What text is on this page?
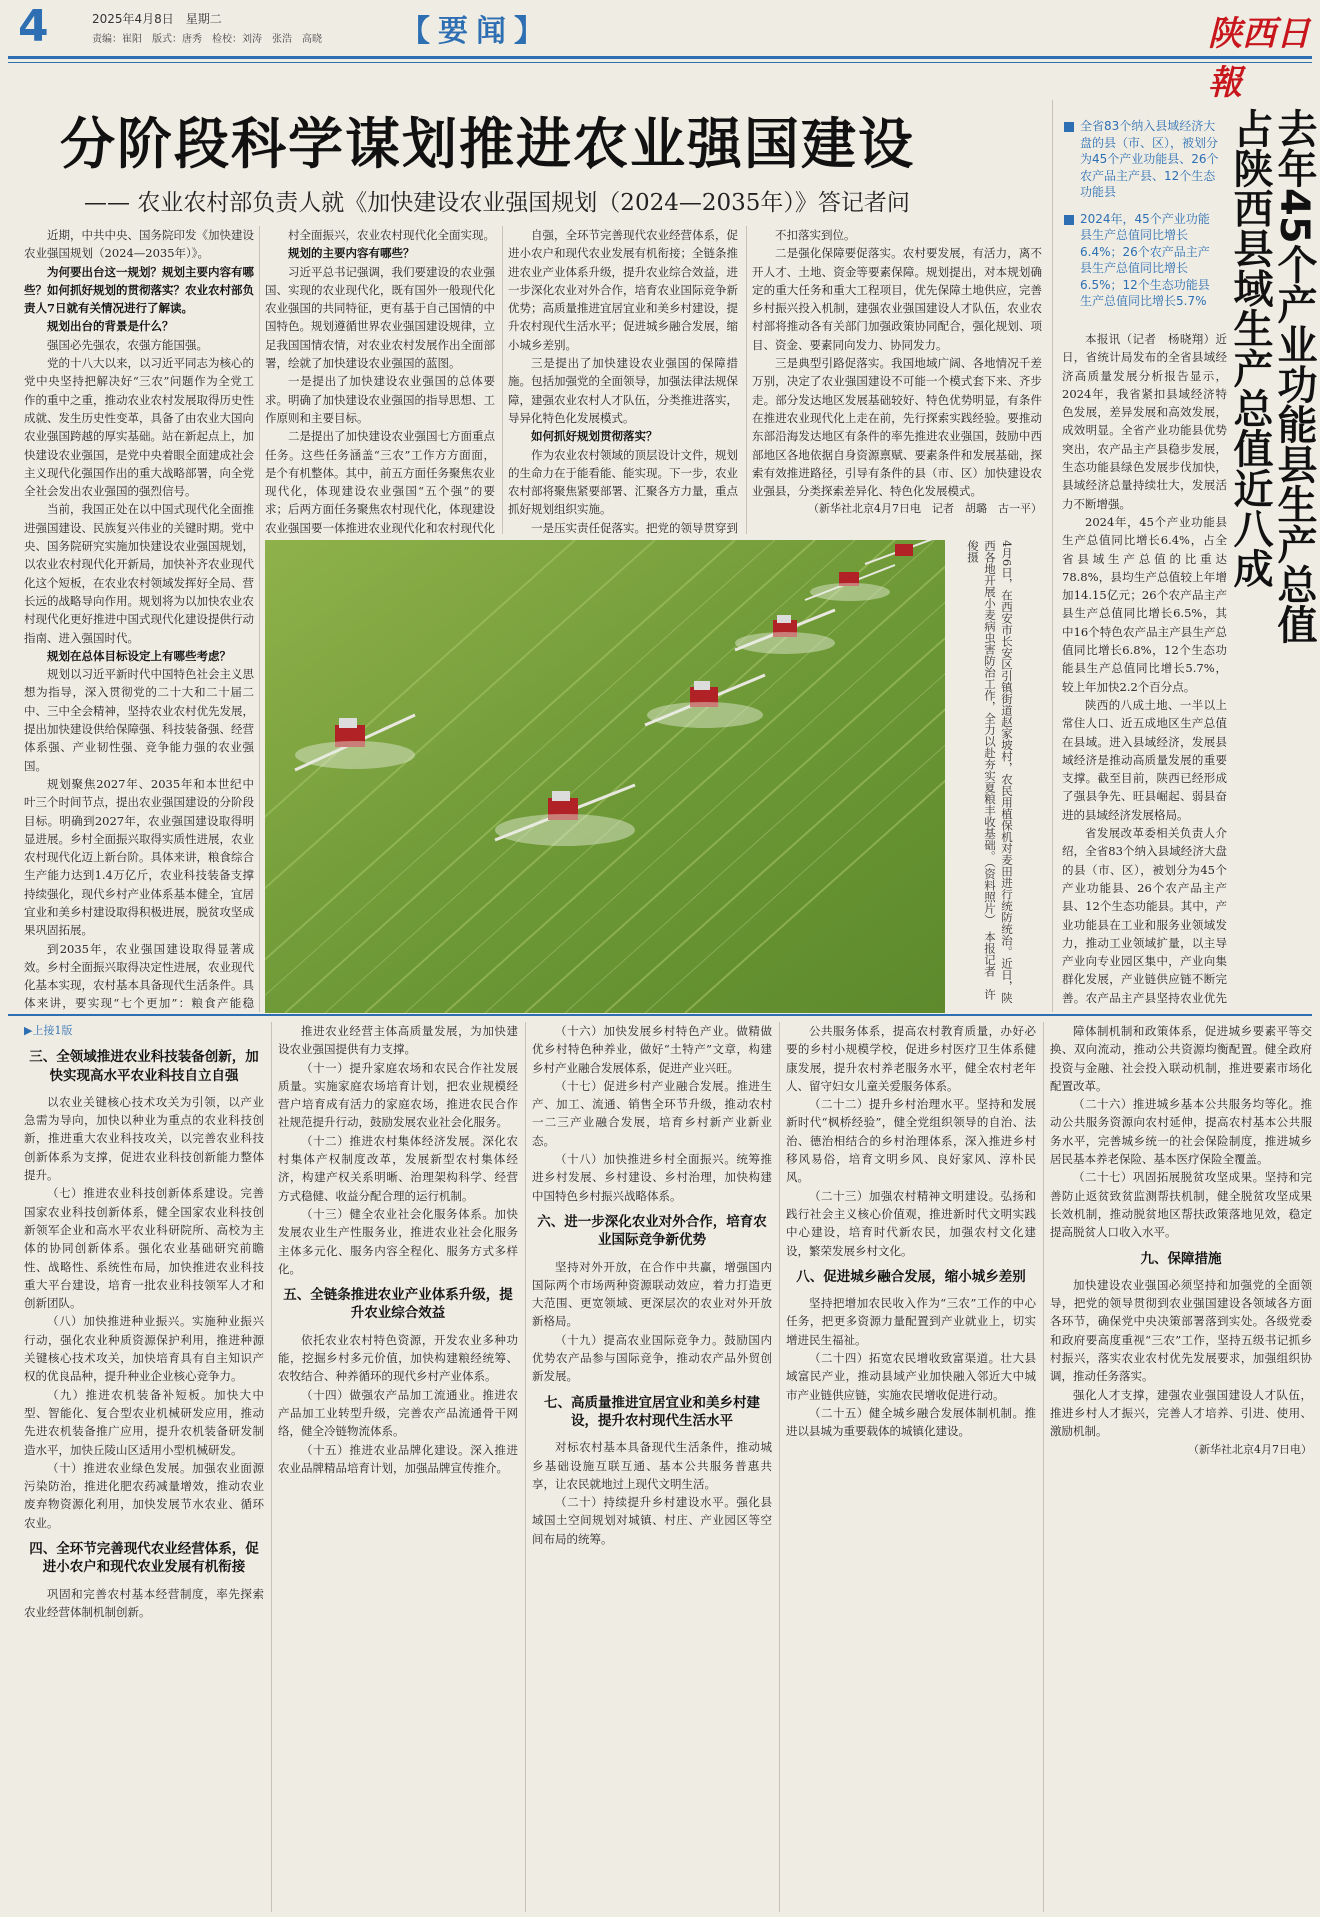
4	2025年4月8日　星期二
责编：崔阳　版式：唐秀　检校：刘涛　张浩　高晓	【要闻】	陕西日報
分阶段科学谋划推进农业强国建设
—— 农业农村部负责人就《加快建设农业强国规划（2024—2035年）》答记者问

近期，中共中央、国务院印发《加快建设农业强国规划（2024—2035年）》。

为何要出台这一规划？规划主要内容有哪些？如何抓好规划的贯彻落实？农业农村部负责人7日就有关情况进行了解读。

规划出台的背景是什么？

强国必先强农，农强方能国强。

党的十八大以来，以习近平同志为核心的党中央坚持把解决好“三农”问题作为全党工作的重中之重，推动农业农村发展取得历史性成就、发生历史性变革，具备了由农业大国向农业强国跨越的厚实基础。站在新起点上，加快建设农业强国，是党中央着眼全面建成社会主义现代化强国作出的重大战略部署，向全党全社会发出农业强国的强烈信号。

当前，我国正处在以中国式现代化全面推进强国建设、民族复兴伟业的关键时期。党中央、国务院研究实施加快建设农业强国规划，以农业农村现代化开新局，加快补齐农业现代化这个短板，在农业农村领域发挥好全局、营长远的战略导向作用。规划将为以加快农业农村现代化更好推进中国式现代化建设提供行动指南、进入强国时代。

规划在总体目标设定上有哪些考虑？

规划以习近平新时代中国特色社会主义思想为指导，深入贯彻党的二十大和二十届二中、三中全会精神，坚持农业农村优先发展，提出加快建设供给保障强、科技装备强、经营体系强、产业韧性强、竞争能力强的农业强国。

规划聚焦2027年、2035年和本世纪中叶三个时间节点，提出农业强国建设的分阶段目标。明确到2027年，农业强国建设取得明显进展。乡村全面振兴取得实质性进展，农业农村现代化迈上新台阶。具体来讲，粮食综合生产能力达到1.4万亿斤，农业科技装备支撑持续强化，现代乡村产业体系基本健全，宜居宜业和美乡村建设取得积极进展，脱贫攻坚成果巩固拓展。

到2035年，农业强国建设取得显著成效。乡村全面振兴取得决定性进展，农业现代化基本实现，农村基本具备现代生活条件。具体来讲，要实现“七个更加”：粮食产能稳

村全面振兴，农业农村现代化全面实现。

规划的主要内容有哪些？

习近平总书记强调，我们要建设的农业强国、实现的农业现代化，既有国外一般现代化农业强国的共同特征，更有基于自己国情的中国特色。规划遵循世界农业强国建设规律，立足我国国情农情，对农业农村发展作出全面部署，绘就了加快建设农业强国的蓝图。

一是提出了加快建设农业强国的总体要求。明确了加快建设农业强国的指导思想、工作原则和主要目标。

二是提出了加快建设农业强国七方面重点任务。这些任务涵盖“三农”工作方方面面，是个有机整体。其中，前五方面任务聚焦农业现代化，体现建设农业强国“五个强”的要求；后两方面任务聚焦农村现代化，体现建设农业强国要一体推进农业现代化和农村现代化

自强，全环节完善现代农业经营体系，促进小农户和现代农业发展有机衔接；全链条推进农业产业体系升级，提升农业综合效益，进一步深化农业对外合作，培育农业国际竞争新优势；高质量推进宜居宜业和美乡村建设，提升农村现代生活水平；促进城乡融合发展，缩小城乡差别。

三是提出了加快建设农业强国的保障措施。包括加强党的全面领导，加强法律法规保障，建强农业农村人才队伍，分类推进落实，导异化特色化发展模式。

如何抓好规划贯彻落实？

作为农业农村领域的顶层设计文件，规划的生命力在于能看能、能实现。下一步，农业农村部将聚焦紧要部署、汇聚各方力量，重点抓好规划组织实施。

一是压实责任促落实。把党的领导贯穿到

不扣落实到位。

二是强化保障要促落实。农村要发展，有活力，离不开人才、土地、资金等要素保障。规划提出，对本规划确定的重大任务和重大工程项目，优先保障土地供应，完善乡村振兴投入机制，建强农业强国建设人才队伍，农业农村部将推动各有关部门加强政策协同配合，强化规划、项目、资金、要素同向发力、协同发力。

三是典型引路促落实。我国地域广阔、各地情况千差万别，决定了农业强国建设不可能一个模式套下来、齐步走。部分发达地区发展基础较好、特色优势明显，有条件在推进农业现代化上走在前，先行探索实践经验。要推动东部沿海发达地区有条件的率先推进农业强国，鼓励中西部地区各地依据自身资源禀赋、要素条件和发展基础，探索有效推进路径，引导有条件的县（市、区）加快建设农业强县，分类探索差异化、特色化发展模式。

（新华社北京4月7日电　记者　胡璐　古一平）

4月6日，在西安市长安区引镇街道赵家坡村，农民用植保机对麦田进行统防统治。近日，陕西各地开展小麦病虫害防治工作，全力以赴夯实夏粮丰收基础。（资料照片）　本报记者　许俊摄
全省83个纳入县域经济大盘的县（市、区），被划分为45个产业功能县、26个农产品主产县、12个生态功能县
2024年，45个产业功能县生产总值同比增长6.4%；26个农产品主产县生产总值同比增长6.5%；12个生态功能县生产总值同比增长5.7%	去年45个产业功能县生产总值占陕西县域生产总值近八成

本报讯（记者　杨晓翔）近日，省统计局发布的全省县域经济高质量发展分析报告显示，2024年，我省紧扣县域经济特色发展，差异发展和高效发展，成效明显。全省产业功能县优势突出，农产品主产县稳步发展，生态功能县绿色发展步伐加快，县域经济总量持续壮大，发展活力不断增强。

2024年，45个产业功能县生产总值同比增长6.4%，占全省县域生产总值的比重达78.8%，县均生产总值较上年增加14.15亿元；26个农产品主产县生产总值同比增长6.5%，其中16个特色农产品主产县生产总值同比增长6.8%，12个生态功能县生产总值同比增长5.7%，较上年加快2.2个百分点。

陕西的八成土地、一半以上常住人口、近五成地区生产总值在县域。进入县域经济，发展县域经济是推动高质量发展的重要支撑。截至目前，陕西已经形成了强县争先、旺县崛起、弱县奋进的县域经济发展格局。

省发展改革委相关负责人介绍，全省83个纳入县域经济大盘的县（市、区），被划分为45个产业功能县、26个农产品主产县、12个生态功能县。其中，产业功能县在工业和服务业领域发力，推动工业领域扩量，以主导产业向专业园区集中，产业向集群化发展，产业链供应链不断完善。农产品主产县坚持农业优先

▶上接1版

三、全领域推进农业科技装备创新，加快实现高水平农业科技自立自强

以农业关键核心技术攻关为引领，以产业急需为导向，加快以种业为重点的农业科技创新，推进重大农业科技攻关，以完善农业科技创新体系为支撑，促进农业科技创新能力整体提升。

（七）推进农业科技创新体系建设。完善国家农业科技创新体系，健全国家农业科技创新领军企业和高水平农业科研院所、高校为主体的协同创新体系。强化农业基础研究前瞻性、战略性、系统性布局，加快推进农业科技重大平台建设，培育一批农业科技领军人才和创新团队。

（八）加快推进种业振兴。实施种业振兴行动，强化农业种质资源保护利用，推进种源关键核心技术攻关，加快培育具有自主知识产权的优良品种，提升种业企业核心竞争力。

（九）推进农机装备补短板。加快大中型、智能化、复合型农业机械研发应用，推动先进农机装备推广应用，提升农机装备研发制造水平，加快丘陵山区适用小型机械研发。

（十）推进农业绿色发展。加强农业面源污染防治，推进化肥农药减量增效，推动农业废弃物资源化利用，加快发展节水农业、循环农业。

四、全环节完善现代农业经营体系，促进小农户和现代农业发展有机衔接

巩固和完善农村基本经营制度，率先探索农业经营体制机制创新。

推进农业经营主体高质量发展，为加快建设农业强国提供有力支撑。

（十一）提升家庭农场和农民合作社发展质量。实施家庭农场培育计划，把农业规模经营户培育成有活力的家庭农场，推进农民合作社规范提升行动，鼓励发展农业社会化服务。

（十二）推进农村集体经济发展。深化农村集体产权制度改革，发展新型农村集体经济，构建产权关系明晰、治理架构科学、经营方式稳健、收益分配合理的运行机制。

（十三）健全农业社会化服务体系。加快发展农业生产性服务业，推进农业社会化服务主体多元化、服务内容全程化、服务方式多样化。

五、全链条推进农业产业体系升级，提升农业综合效益

依托农业农村特色资源，开发农业多种功能，挖掘乡村多元价值，加快构建粮经统筹、农牧结合、种养循环的现代乡村产业体系。

（十四）做强农产品加工流通业。推进农产品加工业转型升级，完善农产品流通骨干网络，健全冷链物流体系。

（十五）推进农业品牌化建设。深入推进农业品牌精品培育计划，加强品牌宣传推介。

（十六）加快发展乡村特色产业。做精做优乡村特色种养业，做好“土特产”文章，构建乡村产业融合发展体系，促进产业兴旺。

（十七）促进乡村产业融合发展。推进生产、加工、流通、销售全环节升级，推动农村一二三产业融合发展，培育乡村新产业新业态。

（十八）加快推进乡村全面振兴。统筹推进乡村发展、乡村建设、乡村治理，加快构建中国特色乡村振兴战略体系。

六、进一步深化农业对外合作，培育农业国际竞争新优势

坚持对外开放，在合作中共赢，增强国内国际两个市场两种资源联动效应，着力打造更大范围、更宽领域、更深层次的农业对外开放新格局。

（十九）提高农业国际竞争力。鼓励国内优势农产品参与国际竞争，推动农产品外贸创新发展。

七、高质量推进宜居宜业和美乡村建设，提升农村现代生活水平

对标农村基本具备现代生活条件，推动城乡基础设施互联互通、基本公共服务普惠共享，让农民就地过上现代文明生活。

（二十）持续提升乡村建设水平。强化县域国土空间规划对城镇、村庄、产业园区等空间布局的统筹。

公共服务体系，提高农村教育质量，办好必要的乡村小规模学校，促进乡村医疗卫生体系健康发展，提升农村养老服务水平，健全农村老年人、留守妇女儿童关爱服务体系。

（二十二）提升乡村治理水平。坚持和发展新时代“枫桥经验”，健全党组织领导的自治、法治、德治相结合的乡村治理体系，深入推进乡村移风易俗，培育文明乡风、良好家风、淳朴民风。

（二十三）加强农村精神文明建设。弘扬和践行社会主义核心价值观，推进新时代文明实践中心建设，培育时代新农民，加强农村文化建设，繁荣发展乡村文化。

八、促进城乡融合发展，缩小城乡差别

坚持把增加农民收入作为“三农”工作的中心任务，把更多资源力量配置到产业就业上，切实增进民生福祉。

（二十四）拓宽农民增收致富渠道。壮大县域富民产业，推动县域产业加快融入邻近大中城市产业链供应链，实施农民增收促进行动。

（二十五）健全城乡融合发展体制机制。推进以县城为重要载体的城镇化建设。

障体制机制和政策体系，促进城乡要素平等交换、双向流动，推动公共资源均衡配置。健全政府投资与金融、社会投入联动机制，推进要素市场化配置改革。

（二十六）推进城乡基本公共服务均等化。推动公共服务资源向农村延伸，提高农村基本公共服务水平，完善城乡统一的社会保险制度，推进城乡居民基本养老保险、基本医疗保险全覆盖。

（二十七）巩固拓展脱贫攻坚成果。坚持和完善防止返贫致贫监测帮扶机制，健全脱贫攻坚成果长效机制，推动脱贫地区帮扶政策落地见效，稳定提高脱贫人口收入水平。

九、保障措施

加快建设农业强国必须坚持和加强党的全面领导，把党的领导贯彻到农业强国建设各领域各方面各环节，确保党中央决策部署落到实处。各级党委和政府要高度重视“三农”工作，坚持五级书记抓乡村振兴，落实农业农村优先发展要求，加强组织协调，推动任务落实。

强化人才支撑，建强农业强国建设人才队伍，推进乡村人才振兴，完善人才培养、引进、使用、激励机制。

（新华社北京4月7日电）
